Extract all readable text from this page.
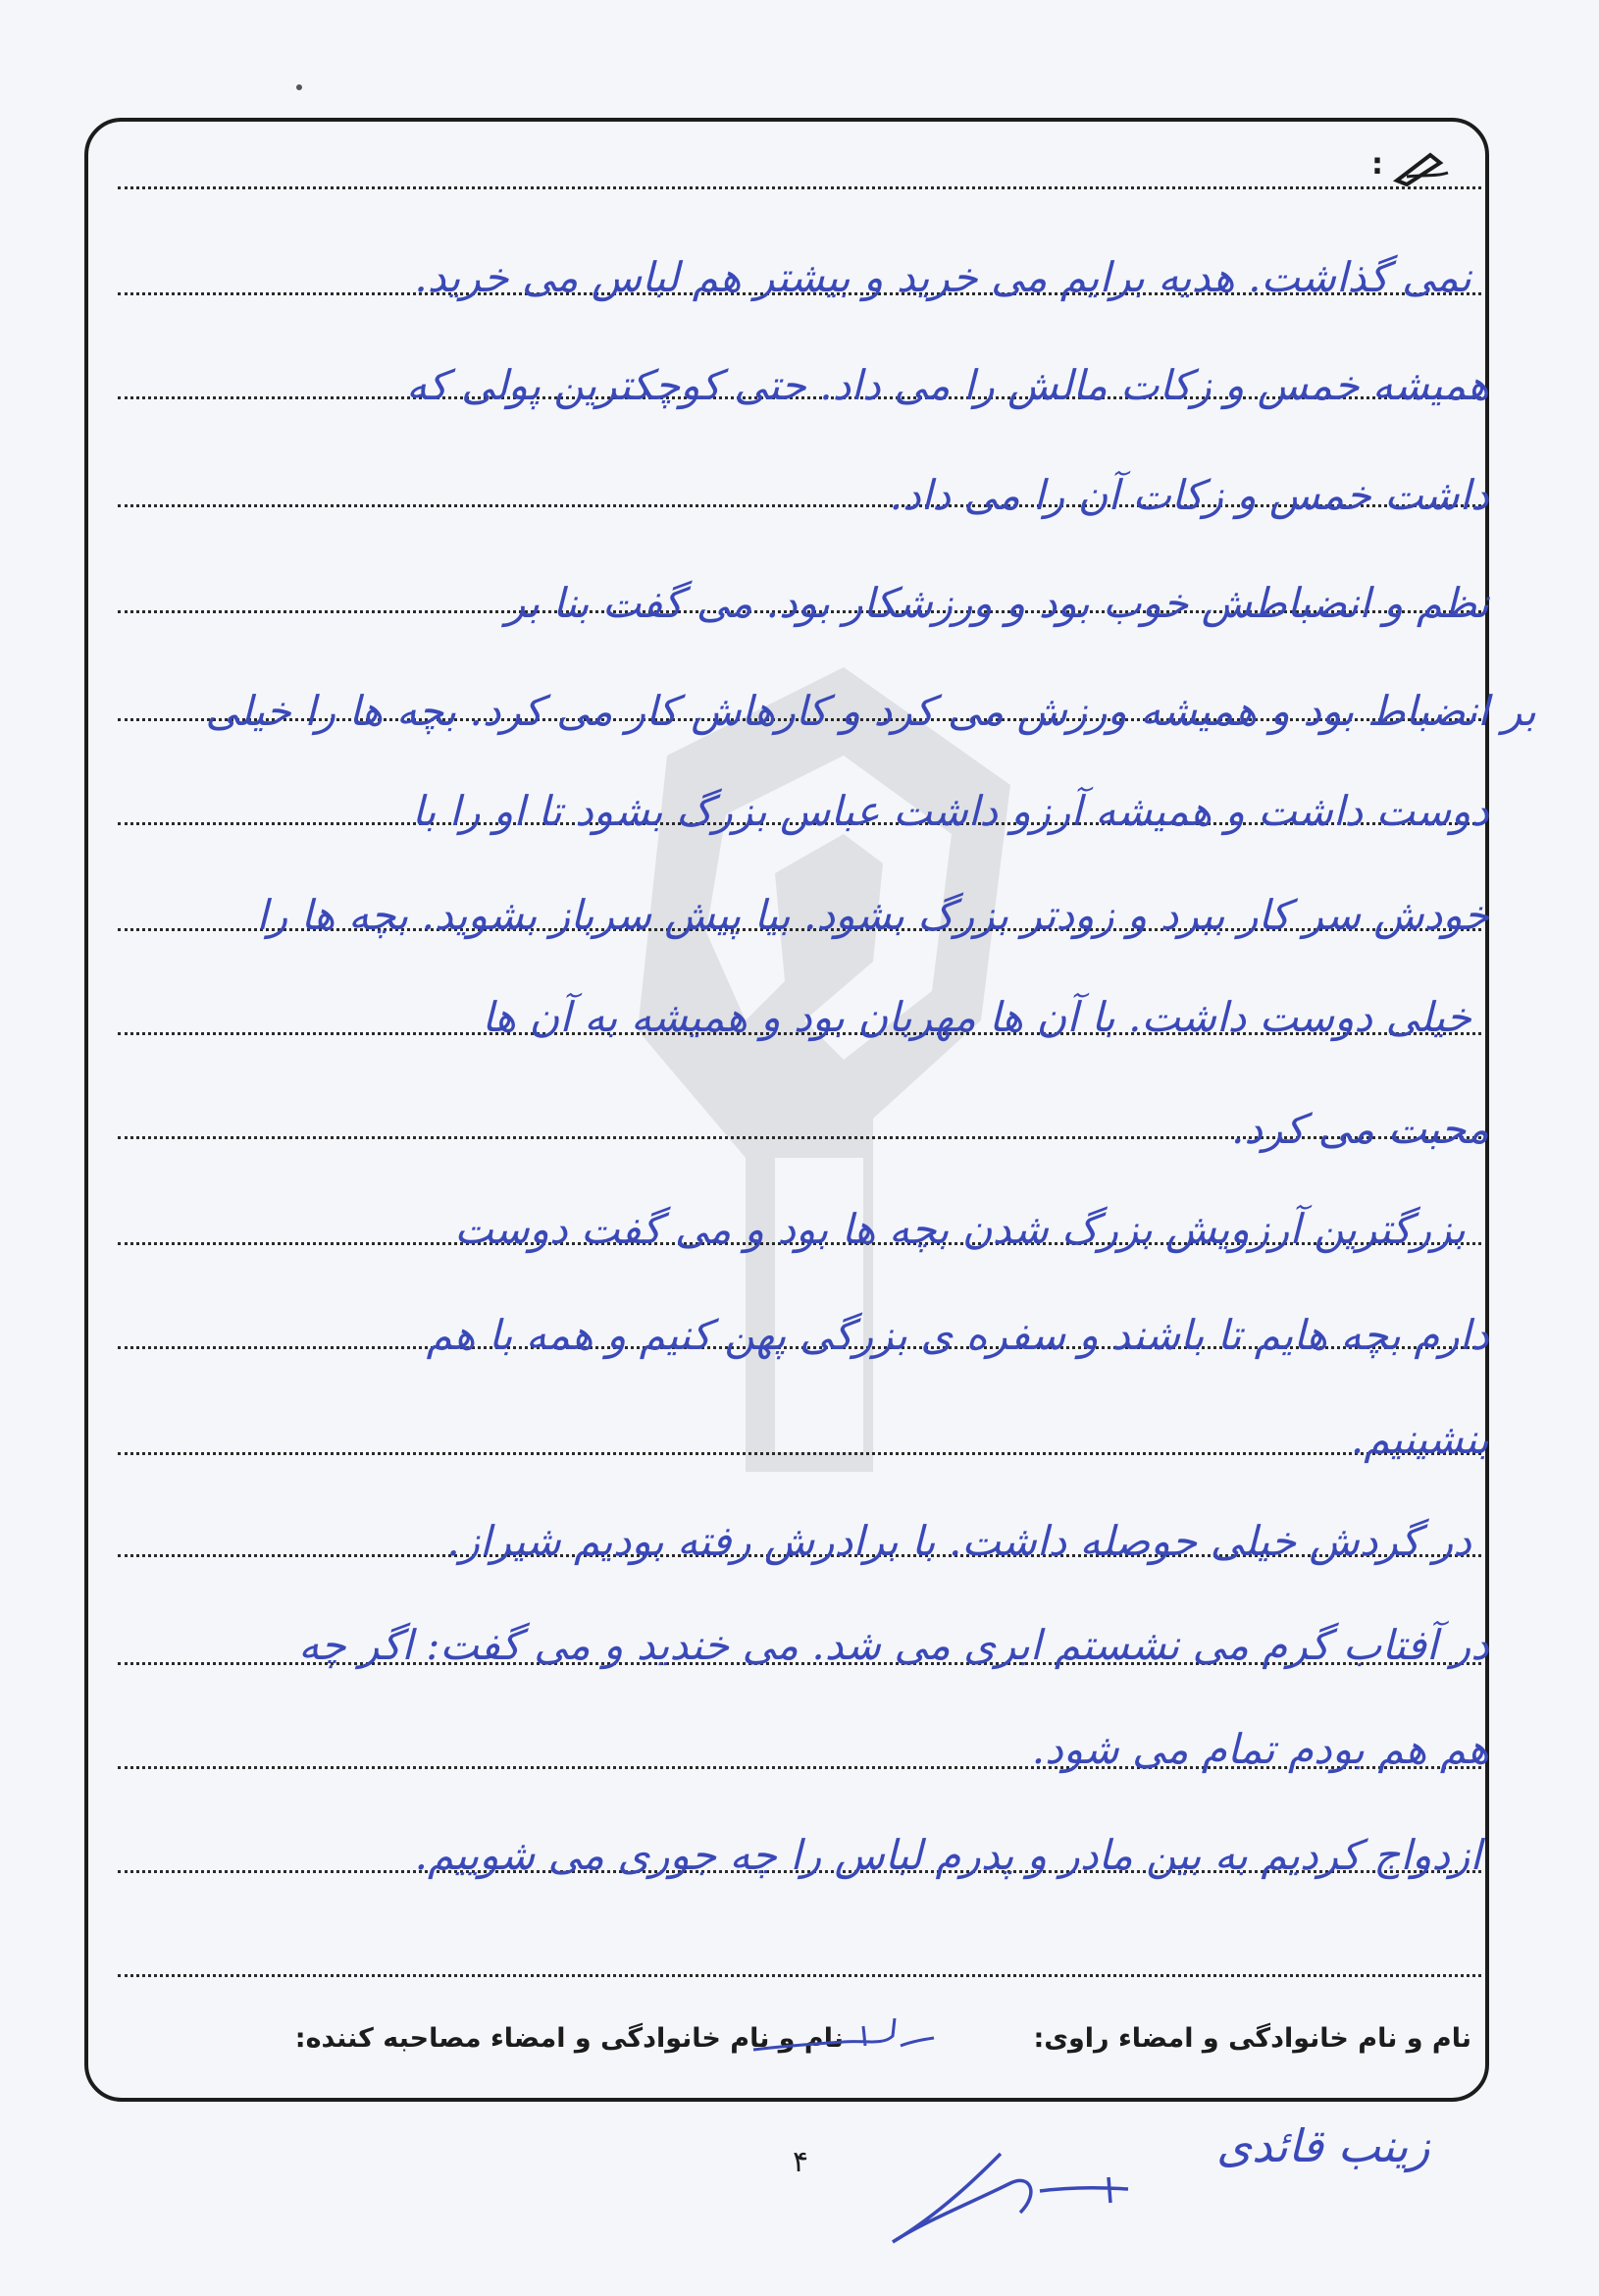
:
نمی گذاشت. هدیه برایم می خرید و بیشتر هم لباس می خرید.
همیشه خمس و زکات مالش را می داد. حتی کوچکترین پولی که
داشت خمس و زکات آن را می داد.
نظم و انضباطش خوب بود و ورزشکار بود. می گفت بنا بر
بر انضباط بود و همیشه ورزش می کرد و کارهاش کار می کرد. بچه ها را خیلی
دوست داشت و همیشه آرزو داشت عباس بزرگ بشود تا او را با
خودش سر کار ببرد و زودتر بزرگ بشود. بیا پیش سرباز بشوید. بچه ها را
خیلی دوست داشت. با آن ها مهربان بود و همیشه به آن ها
محبت می کرد.
بزرگترین آرزویش بزرگ شدن بچه ها بود و می گفت دوست
دارم بچه هایم تا باشند و سفره ی بزرگی پهن کنیم و همه با هم
بنشینیم.
در گردش خیلی حوصله داشت. با برادرش رفته بودیم شیراز.
در آفتاب گرم می نشستم ابری می شد. می خندید و می گفت: اگر چه
هم هم بودم تمام می شود.
ازدواج کردیم به بین مادر و پدرم لباس را چه جوری می شوییم.
نام و نام خانوادگی و امضاء راوی:
نام و نام خانوادگی و امضاء مصاحبه کننده:
۴	زینب قائدی
